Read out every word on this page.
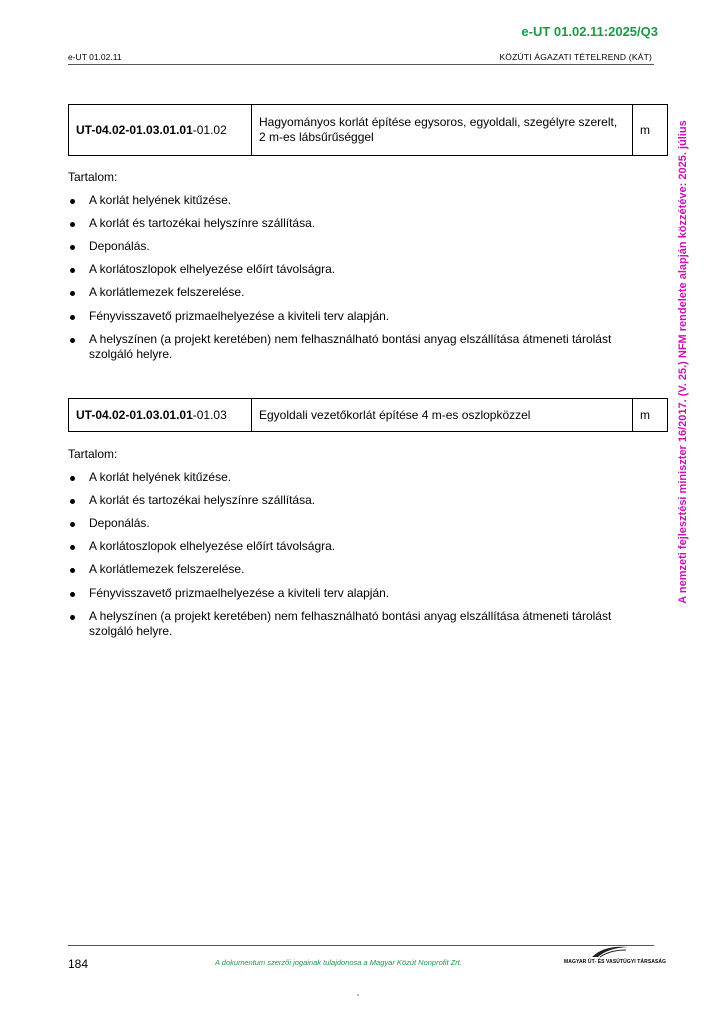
e-UT 01.02.11:2025/Q3
e-UT 01.02.11	KÖZÚTI ÁGAZATI TÉTELREND (KÁT)
A nemzeti fejlesztési miniszter 16/2017. (V. 25.) NFM rendelete alapján közzétéve: 2025. július
UT-04.02-01.03.01.01-01.02	Hagyományos korlát építése egysoros, egyoldali, szegélyre szerelt, 2 m-es lábsűrűséggel	m
Tartalom:
A korlát helyének kitűzése.
A korlát és tartozékai helyszínre szállítása.
Deponálás.
A korlátoszlopok elhelyezése előírt távolságra.
A korlátlemezek felszerelése.
Fényvisszavető prizmaelhelyezése a kiviteli terv alapján.
A helyszínen (a projekt keretében) nem felhasználható bontási anyag elszállítása átmeneti tárolást szolgáló helyre.
UT-04.02-01.03.01.01-01.03	Egyoldali vezetőkorlát építése 4 m-es oszlopközzel	m
Tartalom:
A korlát helyének kitűzése.
A korlát és tartozékai helyszínre szállítása.
Deponálás.
A korlátoszlopok elhelyezése előírt távolságra.
A korlátlemezek felszerelése.
Fényvisszavető prizmaelhelyezése a kiviteli terv alapján.
A helyszínen (a projekt keretében) nem felhasználható bontási anyag elszállítása átmeneti tárolást szolgáló helyre.
184	A dokumentum szerzői jogainak tulajdonosa a Magyar Közút Nonprofit Zrt.	MAGYAR ÚT- ÉS VASÚTÜGYI TÁRSASÁG
